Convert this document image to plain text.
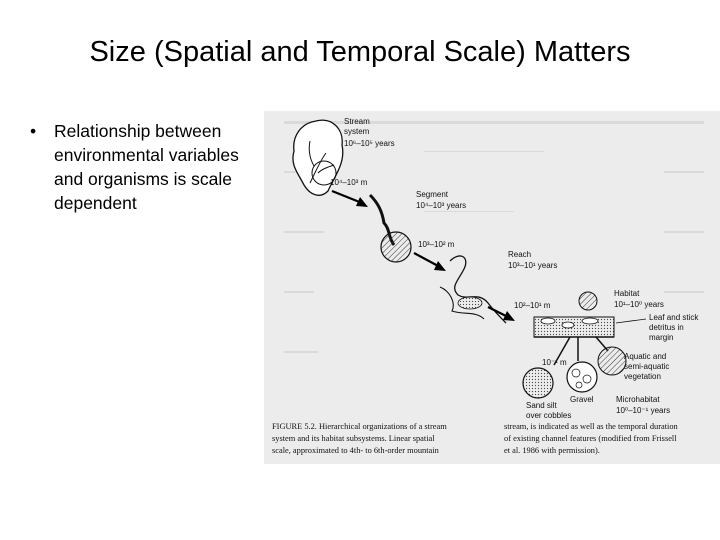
Size (Spatial and Temporal Scale) Matters
•	Relationship between environmental variables and organisms is scale dependent
Stream
system
10⁶–10⁵ years
10⁴–10³ m
Segment
10⁴–10³ years
10³–10² m
Reach
10³–10¹ years
10²–10¹ m
Habitat
10¹–10⁰ years
Leaf and stick
detritus in
margin
Aquatic and
semi-aquatic
vegetation
10⁻¹ m
Sand silt
over cobbles
Gravel	Microhabitat
10⁰–10⁻¹ years
FIGURE 5.2. Hierarchical organizations of a stream
system and its habitat subsystems. Linear spatial
scale, approximated to 4th- to 6th-order mountain
stream, is indicated as well as the temporal duration
of existing channel features (modified from Frissell
et al. 1986 with permission).
